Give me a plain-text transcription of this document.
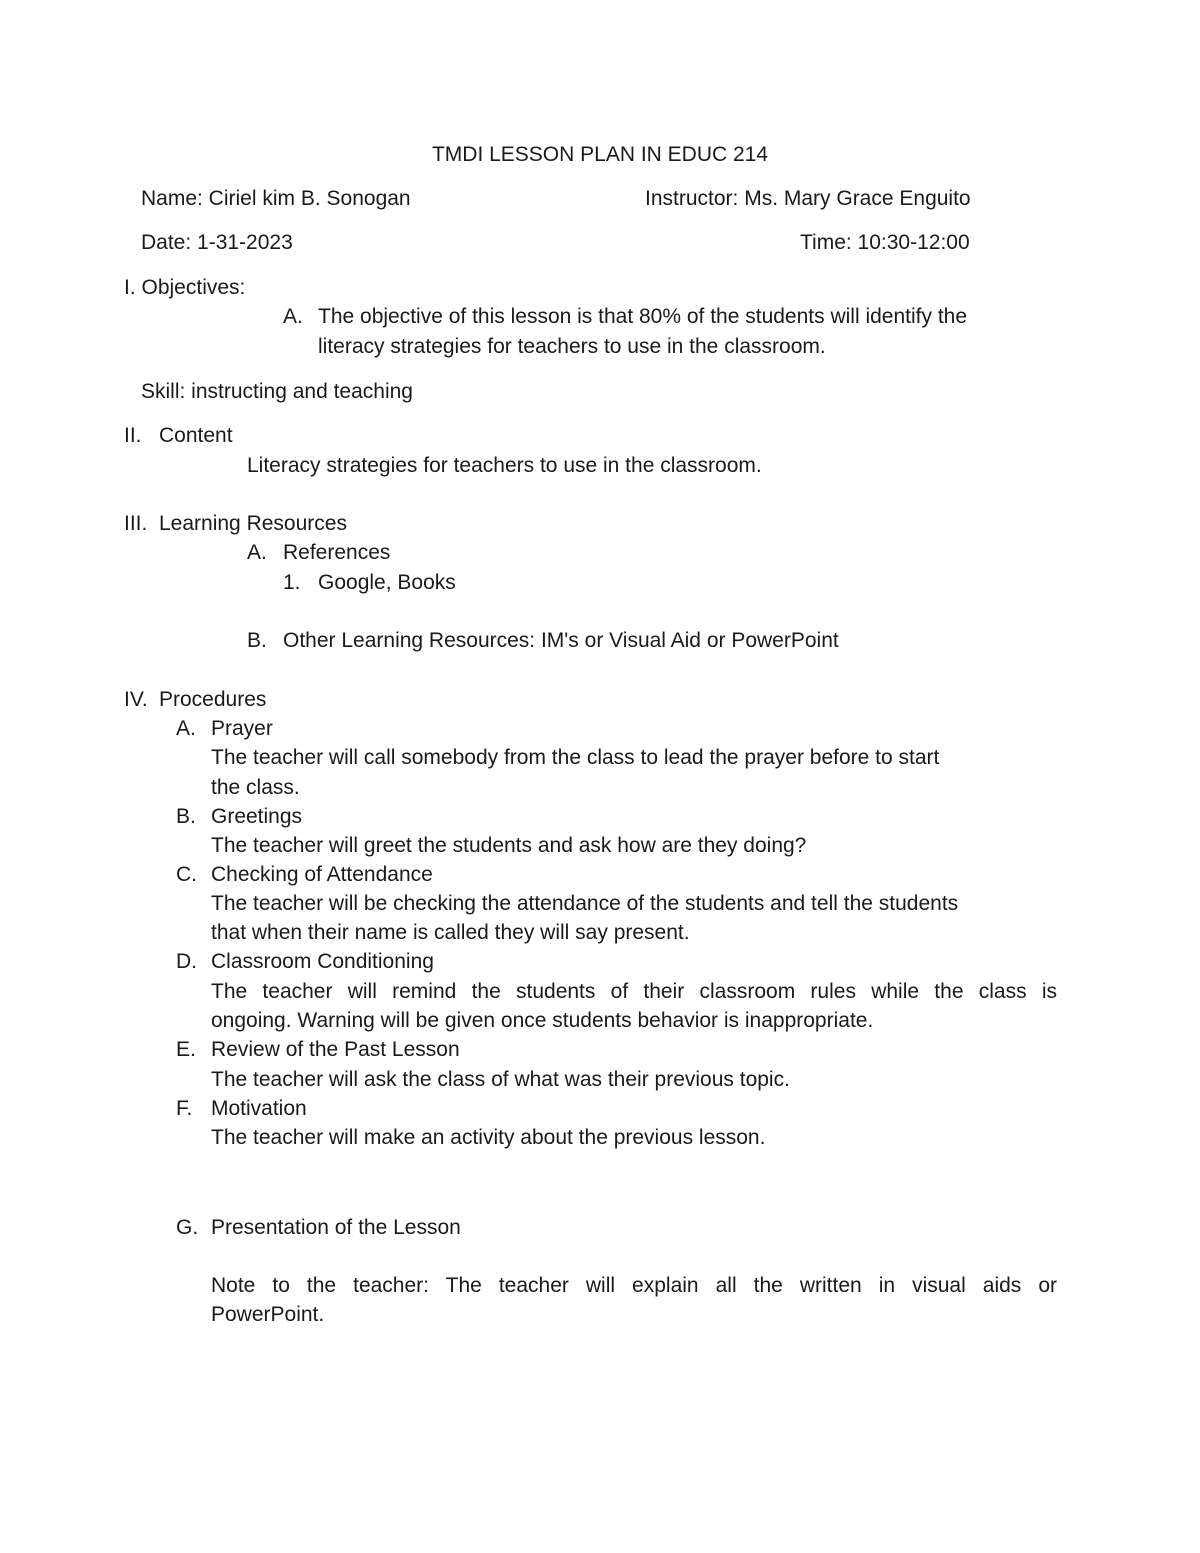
TMDI LESSON PLAN IN EDUC 214
Name: Ciriel kim B. Sonogan	Instructor: Ms. Mary Grace Enguito
Date: 1-31-2023	Time: 10:30-12:00
I. Objectives:
A. The objective of this lesson is that 80% of the students will identify the
literacy strategies for teachers to use in the classroom.
Skill: instructing and teaching
II. Content
Literacy strategies for teachers to use in the classroom.
III. Learning Resources
A. References
1. Google, Books
B. Other Learning Resources: IM's or Visual Aid or PowerPoint
IV. Procedures
A. Prayer
The teacher will call somebody from the class to lead the prayer before to start
the class.
B. Greetings
The teacher will greet the students and ask how are they doing?
C. Checking of Attendance
The teacher will be checking the attendance of the students and tell the students
that when their name is called they will say present.
D. Classroom Conditioning
The teacher will remind the students of their classroom rules while the class is
ongoing. Warning will be given once students behavior is inappropriate.
E. Review of the Past Lesson
The teacher will ask the class of what was their previous topic.
F. Motivation
The teacher will make an activity about the previous lesson.
G. Presentation of the Lesson
Note to the teacher: The teacher will explain all the written in visual aids or
PowerPoint.
